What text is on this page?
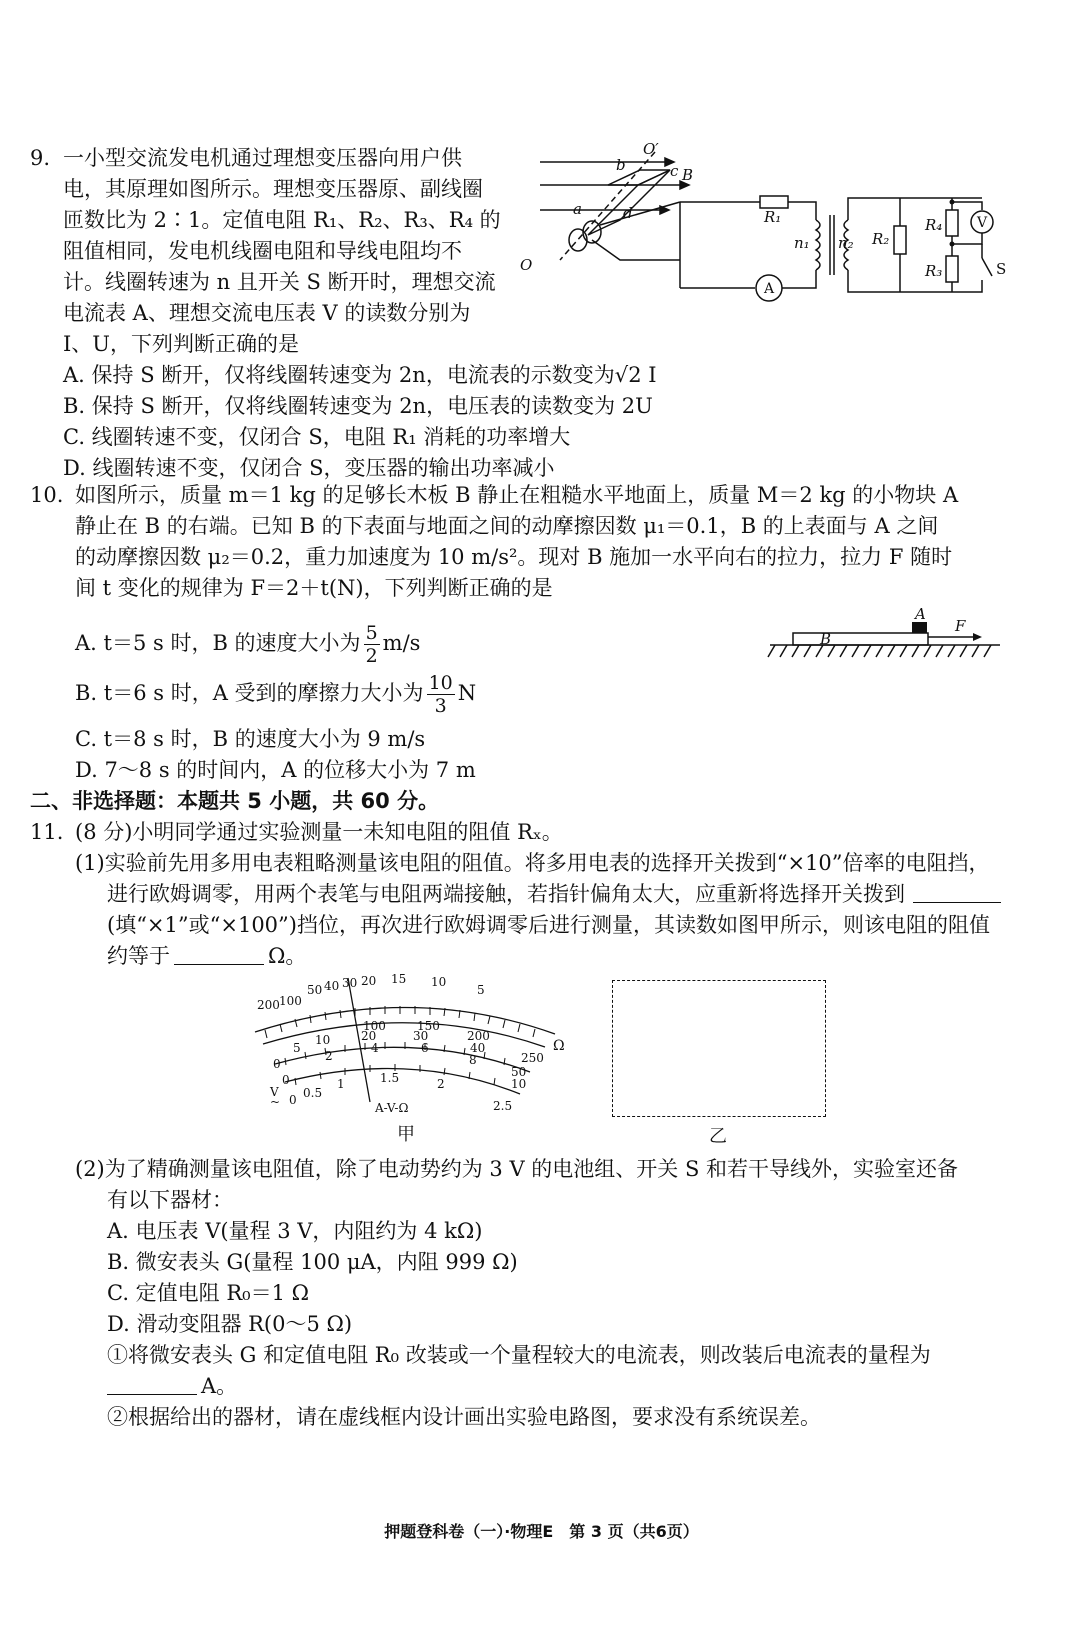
9. 一小型交流发电机通过理想变压器向用户供
电，其原理如图所示。理想变压器原、副线圈
匝数比为 2∶1。定值电阻 R₁、R₂、R₃、R₄ 的
阻值相同，发电机线圈电阻和导线电阻均不
计。线圈转速为 n 且开关 S 断开时，理想交流
电流表 A、理想交流电压表 V 的读数分别为
I、U，下列判断正确的是
A. 保持 S 断开，仅将线圈转速变为 2n，电流表的示数变为√2 I
B. 保持 S 断开，仅将线圈转速变为 2n，电压表的读数变为 2U
C. 线圈转速不变，仅闭合 S，电阻 R₁ 消耗的功率增大
D. 线圈转速不变，仅闭合 S，变压器的输出功率减小
O′
O
a
b	c
d
B
R₁
n₁ n₂ R₂
R₄
R₃	S
A
V
10. 如图所示，质量 m＝1 kg 的足够长木板 B 静止在粗糙水平地面上，质量 M＝2 kg 的小物块 A
静止在 B 的右端。已知 B 的下表面与地面之间的动摩擦因数 μ₁＝0.1，B 的上表面与 A 之间
的动摩擦因数 μ₂＝0.2，重力加速度为 10 m/s²。现对 B 施加一水平向右的拉力，拉力 F 随时
间 t 变化的规律为 F＝2＋t(N)，下列判断正确的是
A. t＝5 s 时，B 的速度大小为 $\frac{5}{2} m/s$
B. t＝6 s 时，A 受到的摩擦力大小为 $\frac{10}{3}$ N
C. t＝8 s 时，B 的速度大小为 9 m/s
D. 7～8 s 的时间内，A 的位移大小为 7 m
A
B
F
二、非选择题：本题共 5 小题，共 60 分。
11. (8 分)小明同学通过实验测量一未知电阻的阻值 Rₓ。
(1)实验前先用多用电表粗略测量该电阻的阻值。将多用电表的选择开关拨到“×10”倍率的电阻挡，
进行欧姆调零，用两个表笔与电阻两端接触，若指针偏角太大，应重新将选择开关拨到
(填“×1”或“×100”)挡位，再次进行欧姆调零后进行测量，其读数如图甲所示，则该电阻的阻值
约等于	Ω。
200 100
50 40 30 20 15 10
5
100	150
200
250
0
5
10	20	30
40
50
0
2
4	6
8
10
0 0.5
1	1.5	2
2.5
Ω
V
~	A-V-Ω
甲	乙
(2)为了精确测量该电阻值，除了电动势约为 3 V 的电池组、开关 S 和若干导线外，实验室还备
有以下器材：
A. 电压表 V(量程 3 V，内阻约为 4 kΩ)
B. 微安表头 G(量程 100 μA，内阻 999 Ω)
C. 定值电阻 R₀＝1 Ω
D. 滑动变阻器 R(0～5 Ω)
①将微安表头 G 和定值电阻 R₀ 改装或一个量程较大的电流表，则改装后电流表的量程为
A。
②根据给出的器材，请在虚线框内设计画出实验电路图，要求没有系统误差。
押题登科卷（一）·物理E　第 3 页（共6页）
